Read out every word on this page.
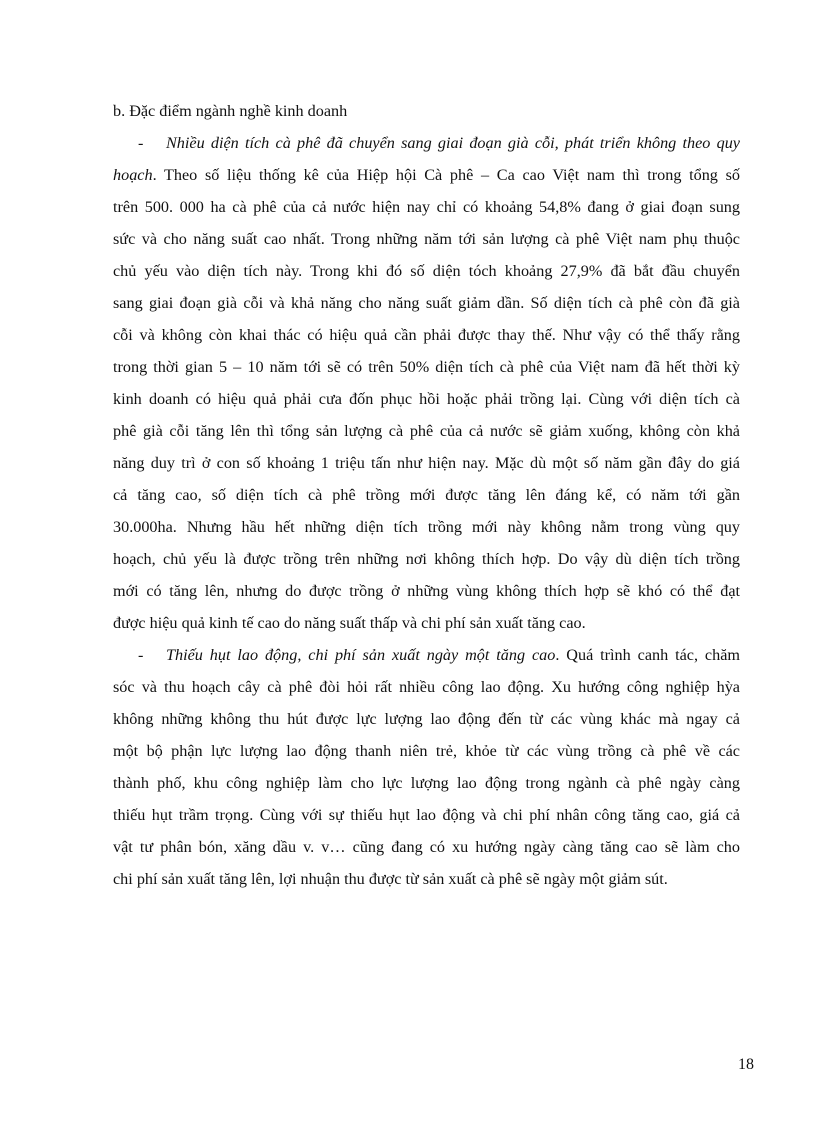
b. Đặc điểm ngành nghề kinh doanh
- Nhiều diện tích cà phê đã chuyển sang giai đoạn già cỗi, phát triển không theo quy
hoạch. Theo số liệu thống kê của Hiệp hội Cà phê – Ca cao Việt nam thì trong tổng số
trên 500. 000 ha cà phê của cả nước hiện nay chỉ có khoảng 54,8% đang ở giai đoạn sung
sức và cho năng suất cao nhất. Trong những năm tới sản lượng cà phê Việt nam phụ thuộc
chủ yếu vào diện tích này. Trong khi đó số diện tóch khoảng 27,9% đã bắt đầu chuyển
sang giai đoạn già cỗi và khả năng cho năng suất giảm dần. Số diện tích cà phê còn đã già
cỗi và không còn khai thác có hiệu quả cần phải được thay thế. Như vậy có thể thấy rằng
trong thời gian 5 – 10 năm tới sẽ có trên 50% diện tích cà phê của Việt nam đã hết thời kỳ
kinh doanh có hiệu quả phải cưa đốn phục hồi hoặc phải trồng lại. Cùng với diện tích cà
phê già cỗi tăng lên thì tổng sản lượng cà phê của cả nước sẽ giảm xuống, không còn khả
năng duy trì ở con số khoảng 1 triệu tấn như hiện nay. Mặc dù một số năm gần đây do giá
cả tăng cao, số diện tích cà phê trồng mới được tăng lên đáng kể, có năm tới gần
30.000ha. Nhưng hầu hết những diện tích trồng mới này không nằm trong vùng quy
hoạch, chủ yếu là được trồng trên những nơi không thích hợp. Do vậy dù diện tích trồng
mới có tăng lên, nhưng do được trồng ở những vùng không thích hợp sẽ khó có thể đạt
được hiệu quả kinh tế cao do năng suất thấp và chi phí sản xuất tăng cao.
- Thiếu hụt lao động, chi phí sản xuất ngày một tăng cao. Quá trình canh tác, chăm
sóc và thu hoạch cây cà phê đòi hỏi rất nhiều công lao động. Xu hướng công nghiệp hỳa
không những không thu hút được lực lượng lao động đến từ các vùng khác mà ngay cả
một bộ phận lực lượng lao động thanh niên trẻ, khỏe từ các vùng trồng cà phê về các
thành phố, khu công nghiệp làm cho lực lượng lao động trong ngành cà phê ngày càng
thiếu hụt trầm trọng. Cùng với sự thiếu hụt lao động và chi phí nhân công tăng cao, giá cả
vật tư phân bón, xăng dầu v. v… cũng đang có xu hướng ngày càng tăng cao sẽ làm cho
chi phí sản xuất tăng lên, lợi nhuận thu được từ sản xuất cà phê sẽ ngày một giảm sút.
18
